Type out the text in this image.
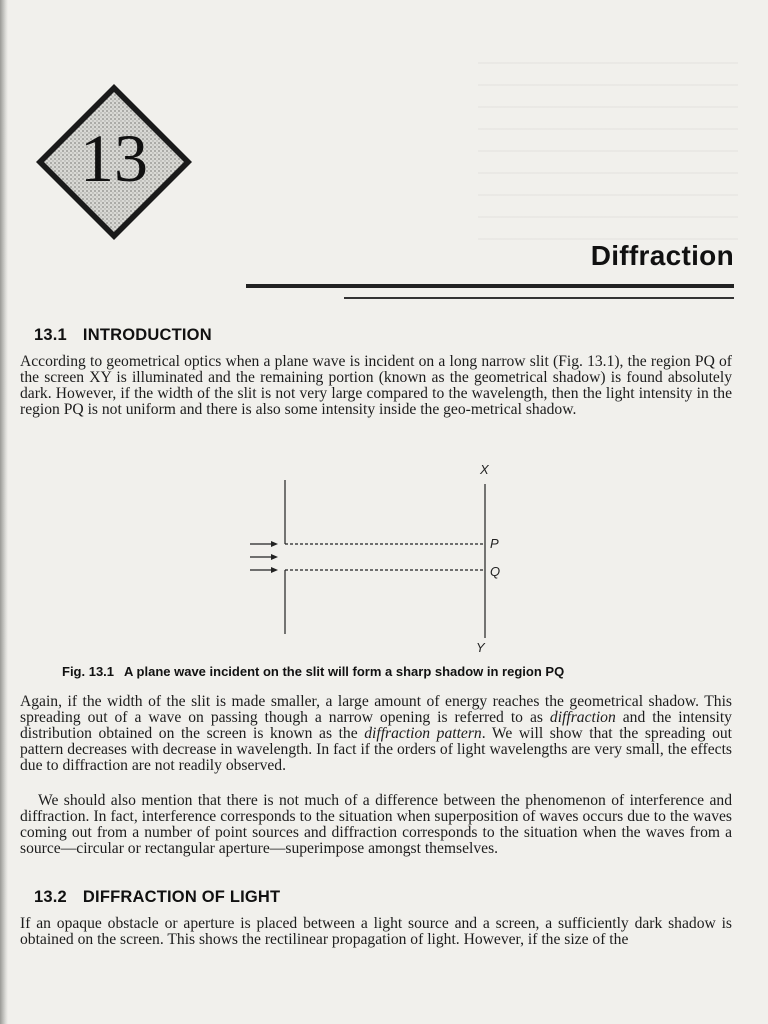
13
Diffraction
13.1 INTRODUCTION

According to geometrical optics when a plane wave is incident on a long narrow slit (Fig. 13.1), the region PQ of the screen XY is illuminated and the remaining portion (known as the geometrical shadow) is found absolutely dark. However, if the width of the slit is not very large compared to the wavelength, then the light intensity in the region PQ is not uniform and there is also some intensity inside the geo-metrical shadow.

X
P
Q
Y
Fig. 13.1 A plane wave incident on the slit will form a sharp shadow in region PQ

Again, if the width of the slit is made smaller, a large amount of energy reaches the geometrical shadow. This spreading out of a wave on passing though a narrow opening is referred to as diffraction and the intensity distribution obtained on the screen is known as the diffraction pattern. We will show that the spreading out pattern decreases with decrease in wavelength. In fact if the orders of light wavelengths are very small, the effects due to diffraction are not readily observed.

We should also mention that there is not much of a difference between the phenomenon of interference and diffraction. In fact, interference corresponds to the situation when superposition of waves occurs due to the waves coming out from a number of point sources and diffraction corresponds to the situation when the waves from a source—circular or rectangular aperture—superimpose amongst themselves.

13.2 DIFFRACTION OF LIGHT

If an opaque obstacle or aperture is placed between a light source and a screen, a sufficiently dark shadow is obtained on the screen. This shows the rectilinear propagation of light. However, if the size of the
